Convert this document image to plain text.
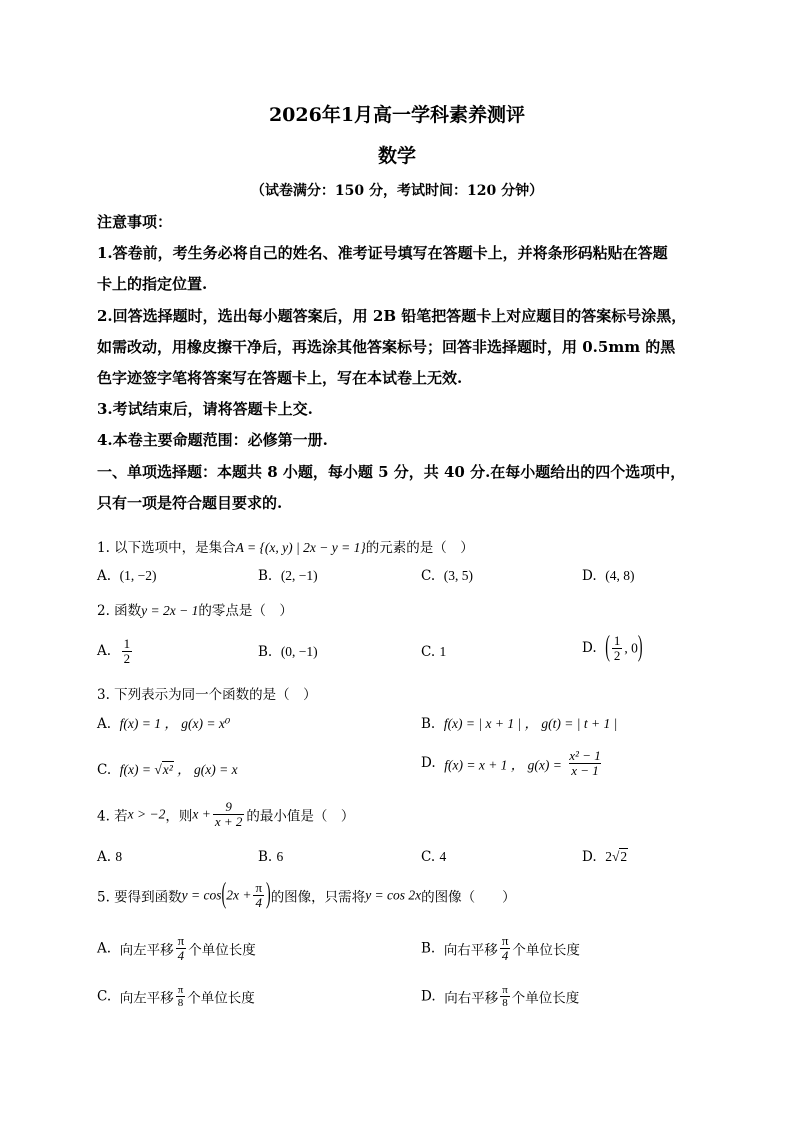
2026年1月高一学科素养测评
数学
（试卷满分：150 分，考试时间：120 分钟）
注意事项：
1.答卷前，考生务必将自己的姓名、准考证号填写在答题卡上，并将条形码粘贴在答题
卡上的指定位置.
2.回答选择题时，选出每小题答案后，用 2B 铅笔把答题卡上对应题目的答案标号涂黑，
如需改动，用橡皮擦干净后，再选涂其他答案标号；回答非选择题时，用 0.5mm 的黑
色字迹签字笔将答案写在答题卡上，写在本试卷上无效.
3.考试结束后，请将答题卡上交.
4.本卷主要命题范围：必修第一册.
一、单项选择题：本题共 8 小题，每小题 5 分，共 40 分.在每小题给出的四个选项中，
只有一项是符合题目要求的.
1. 以下选项中，是集合A = {(x, y) | 2x − y = 1}的元素的是（　）
A. (1, −2)	B. (2, −1)	C. (3, 5)	D. (4, 8)
2. 函数y = 2x − 1的零点是（　）
A. $\frac{1}{2}$	B. (0, −1)	C. 1	D. ( $\frac{1}{2}$ , 0)
3. 下列表示为同一个函数的是（　）
A. f(x) = 1 ， g(x) = x⁰	B. f(x) = | x + 1 | ， g(t) = | t + 1 |
C. f(x) = √x² ， g(x) = x	D. f(x) = x + 1 ， $g(x) = \frac{\text{x² − 1}}{x - 1}$
4. 若x > −2，则$x + \frac{9}{x + 2}$ 的最小值是（　）
A. 8	B. 6	C. 4	D. 2√2
5. 要得到函数$y = \cos(2x + \frac{\pi}{4}$ )的图像，只需将y = cos 2x的图像（　　）
A. 向左平移 $\frac{\pi}{4}$ 个单位长度	B. 向右平移 $\frac{\pi}{4}$ 个单位长度
C. 向左平移 $\frac{\pi}{8}$ 个单位长度	D. 向右平移 $\frac{\pi}{8}$ 个单位长度
